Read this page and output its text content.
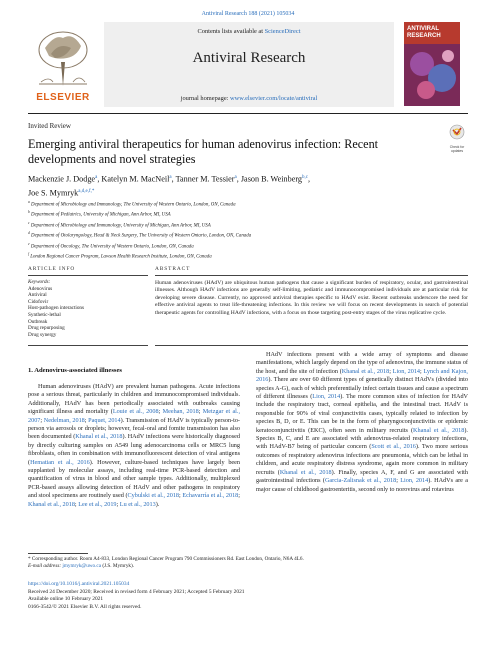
Antiviral Research 188 (2021) 105034
ELSEVIER
Contents lists available at ScienceDirect
Antiviral Research
journal homepage: www.elsevier.com/locate/antiviral
ANTIVIRAL
RESEARCH
Invited Review
Check for updates
Emerging antiviral therapeutics for human adenovirus infection: Recent
developments and novel strategies
Mackenzie J. Dodge$^a$, Katelyn M. MacNeil$^a$, Tanner M. Tessier$^a$, Jason B. Weinberg$^{b,c}$,
Joe S. Mymryk$^{a,d,e,f,*}$
$^a$ Department of Microbiology and Immunology, The University of Western Ontario, London, ON, Canada
$^b$ Department of Pediatrics, University of Michigan, Ann Arbor, MI, USA
$^c$ Department of Microbiology and Immunology, University of Michigan, Ann Arbor, MI, USA
$^d$ Department of Otolaryngology, Head & Neck Surgery, The University of Western Ontario, London, ON, Canada
$^e$ Department of Oncology, The University of Western Ontario, London, ON, Canada
$^f$ London Regional Cancer Program, Lawson Health Research Institute, London, ON, Canada
ARTICLE INFO	ABSTRACT
Keywords:
Adenovirus
Antiviral
Cidofovir
Host-pathogen interactions
Synthetic-lethal
Outbreak
Drug repurposing
Drug synergy
Human adenoviruses (HAdV) are ubiquitous human pathogens that cause a significant burden of respiratory, ocular, and gastrointestinal illnesses. Although HAdV infections are generally self-limiting, pediatric and immunocompromised individuals are at particular risk for developing severe disease. Currently, no approved antiviral therapies specific to HAdV exist. Recent outbreaks underscore the need for effective antiviral agents to treat life-threatening infections. In this review we will focus on recent developments in search of potential therapeutic agents for controlling HAdV infections, with a focus on those targeting post-entry stages of the virus replicative cycle.
1. Adenovirus-associated illnesses
Human adenoviruses (HAdV) are prevalent human pathogens. Acute infections pose a serious threat, particularly in children and immunocompromised individuals. Additionally, HAdV has been periodically associated with outbreaks causing significant illness and mortality (Louie et al., 2008; Meehan, 2018; Metzgar et al., 2007; Nedelman, 2018; Paquet, 2014). Transmission of HAdV is typically person-to-person via aerosols or droplets; however, fecal-oral and fomite transmission has also been documented (Khanal et al., 2018). HAdV infections were historically diagnosed by directly culturing samples on A549 lung adenocarcinoma cells or MRC5 lung fibroblasts, often in combination with immunofluorescent detection of viral antigens (Hematian et al., 2016). However, culture-based techniques have largely been supplanted by molecular assays, including real-time PCR-based detection and quantification of virus in blood and other sample types. Additionally, multiplexed PCR-based assays allowing detection of HAdV and other pathogens in respiratory and stool specimens are routinely used (Cybulski et al., 2018; Echavarría et al., 2018; Khanal et al., 2018; Lee et al., 2019; Lu et al., 2013).
HAdV infections present with a wide array of symptoms and disease manifestations, which largely depend on the type of adenovirus, the immune status of the host, and the site of infection (Khanal et al., 2018; Lion, 2014; Lynch and Kajon, 2016). There are over 60 different types of genetically distinct HAdVs (divided into species A-G), each of which preferentially infect certain tissues and cause a spectrum of different illnesses (Lion, 2014). The more common sites of infection for HAdV include the respiratory tract, corneal epithelia, and the intestinal tract. HAdV is responsible for 90% of viral conjunctivitis cases, typically related to infection by species B, D, or E. This can be in the form of pharyngoconjunctivitis or epidemic keratoconjunctivitis (EKC), often seen in military recruits (Khanal et al., 2018). Species B, C, and E are associated with adenovirus-related respiratory infections, with HAdV-B7 being of particular concern (Scott et al., 2016). Two more serious outcomes of respiratory adenovirus infections are pneumonia, which can be lethal in children, and acute respiratory distress syndrome, again more common in military recruits (Khanal et al., 2018). Finally, species A, F, and G are associated with gastrointestinal infections (Garcia-Zalisnak et al., 2018; Lion, 2014). HAdVs are a major cause of childhood gastroenteritis, second only to norovirus and rotavirus
* Corresponding author. Room A4-833, London Regional Cancer Program 790 Commissioners Rd. East London, Ontario, N6A 4L6.
E-mail address: jmymryk@uwo.ca (J.S. Mymryk).
https://doi.org/10.1016/j.antiviral.2021.105034
Received 24 December 2020; Received in revised form 4 February 2021; Accepted 5 February 2021
Available online 10 February 2021
0166-3542/© 2021 Elsevier B.V. All rights reserved.
